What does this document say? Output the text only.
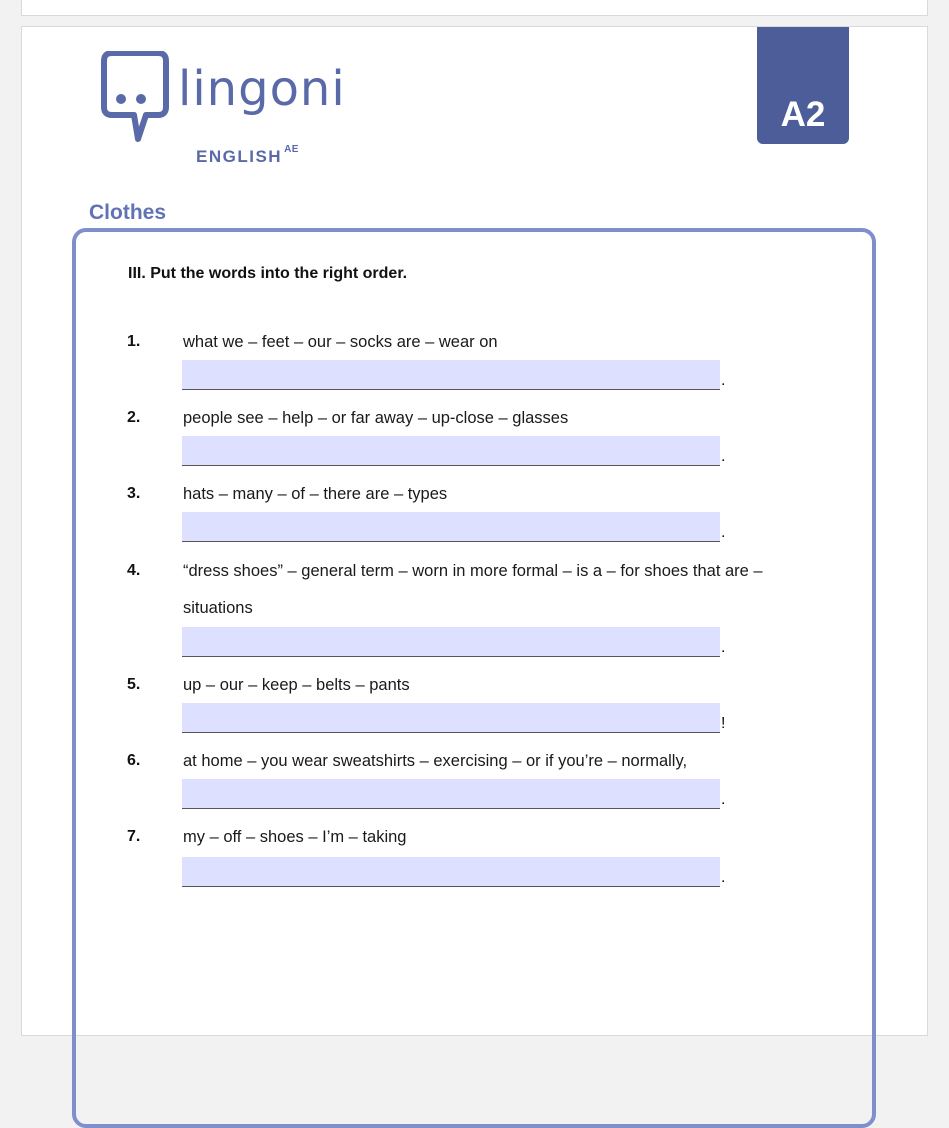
lingoni
ENGLISH $^{AE}$
A2
Clothes
III. Put the words into the right order.
1.	what we – feet – our – socks are – wear on
.
2.	people see – help – or far away – up-close – glasses
.
3.	hats – many – of – there are – types
.
4.	“dress shoes” – general term – worn in more formal – is a – for shoes that are – situations
.
5.	up – our – keep – belts – pants
!
6.	at home – you wear sweatshirts – exercising – or if you’re – normally,
.
7.	my – off – shoes – I’m – taking
.
